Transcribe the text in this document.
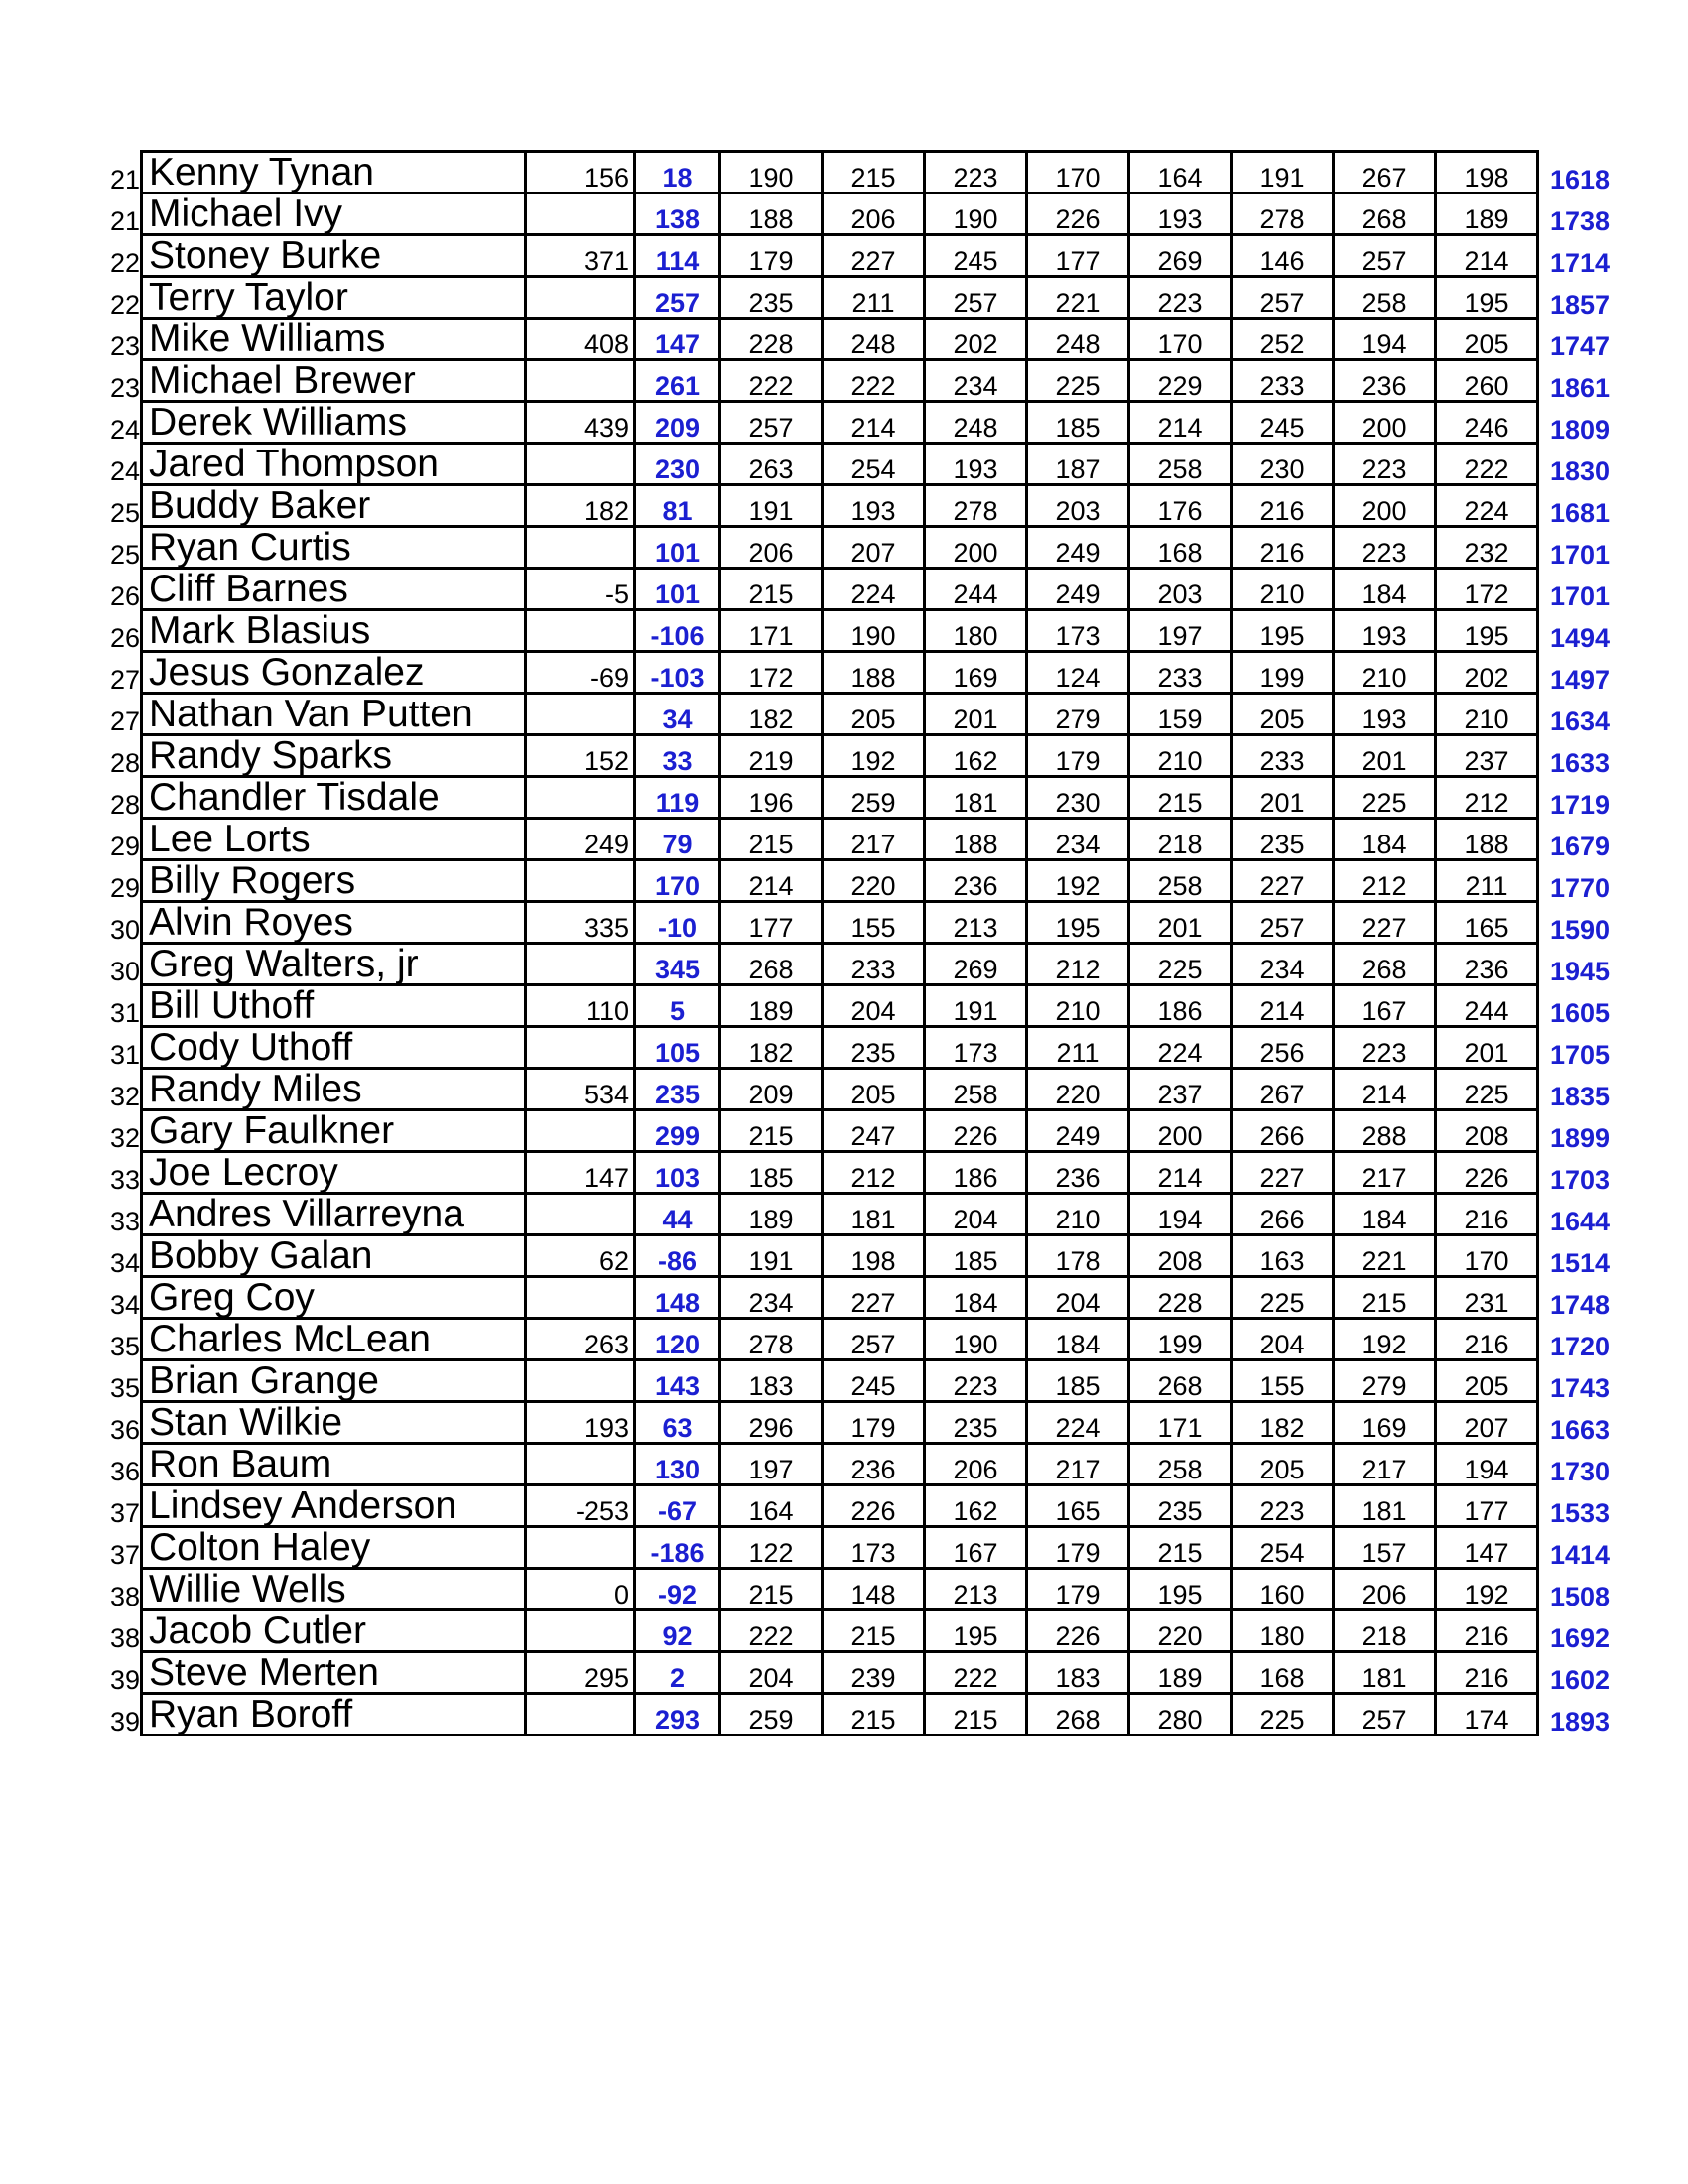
21	Kenny Tynan	156	18	190	215	223	170	164	191	267	198	1618
21	Michael Ivy		138	188	206	190	226	193	278	268	189	1738
22	Stoney Burke	371	114	179	227	245	177	269	146	257	214	1714
22	Terry Taylor		257	235	211	257	221	223	257	258	195	1857
23	Mike Williams	408	147	228	248	202	248	170	252	194	205	1747
23	Michael Brewer		261	222	222	234	225	229	233	236	260	1861
24	Derek Williams	439	209	257	214	248	185	214	245	200	246	1809
24	Jared Thompson		230	263	254	193	187	258	230	223	222	1830
25	Buddy Baker	182	81	191	193	278	203	176	216	200	224	1681
25	Ryan Curtis		101	206	207	200	249	168	216	223	232	1701
26	Cliff Barnes	-5	101	215	224	244	249	203	210	184	172	1701
26	Mark Blasius		-106	171	190	180	173	197	195	193	195	1494
27	Jesus Gonzalez	-69	-103	172	188	169	124	233	199	210	202	1497
27	Nathan Van Putten		34	182	205	201	279	159	205	193	210	1634
28	Randy Sparks	152	33	219	192	162	179	210	233	201	237	1633
28	Chandler Tisdale		119	196	259	181	230	215	201	225	212	1719
29	Lee Lorts	249	79	215	217	188	234	218	235	184	188	1679
29	Billy Rogers		170	214	220	236	192	258	227	212	211	1770
30	Alvin Royes	335	-10	177	155	213	195	201	257	227	165	1590
30	Greg Walters, jr		345	268	233	269	212	225	234	268	236	1945
31	Bill Uthoff	110	5	189	204	191	210	186	214	167	244	1605
31	Cody Uthoff		105	182	235	173	211	224	256	223	201	1705
32	Randy Miles	534	235	209	205	258	220	237	267	214	225	1835
32	Gary Faulkner		299	215	247	226	249	200	266	288	208	1899
33	Joe Lecroy	147	103	185	212	186	236	214	227	217	226	1703
33	Andres Villarreyna		44	189	181	204	210	194	266	184	216	1644
34	Bobby Galan	62	-86	191	198	185	178	208	163	221	170	1514
34	Greg Coy		148	234	227	184	204	228	225	215	231	1748
35	Charles McLean	263	120	278	257	190	184	199	204	192	216	1720
35	Brian Grange		143	183	245	223	185	268	155	279	205	1743
36	Stan Wilkie	193	63	296	179	235	224	171	182	169	207	1663
36	Ron Baum		130	197	236	206	217	258	205	217	194	1730
37	Lindsey Anderson	-253	-67	164	226	162	165	235	223	181	177	1533
37	Colton Haley		-186	122	173	167	179	215	254	157	147	1414
38	Willie Wells	0	-92	215	148	213	179	195	160	206	192	1508
38	Jacob Cutler		92	222	215	195	226	220	180	218	216	1692
39	Steve Merten	295	2	204	239	222	183	189	168	181	216	1602
39	Ryan Boroff		293	259	215	215	268	280	225	257	174	1893
